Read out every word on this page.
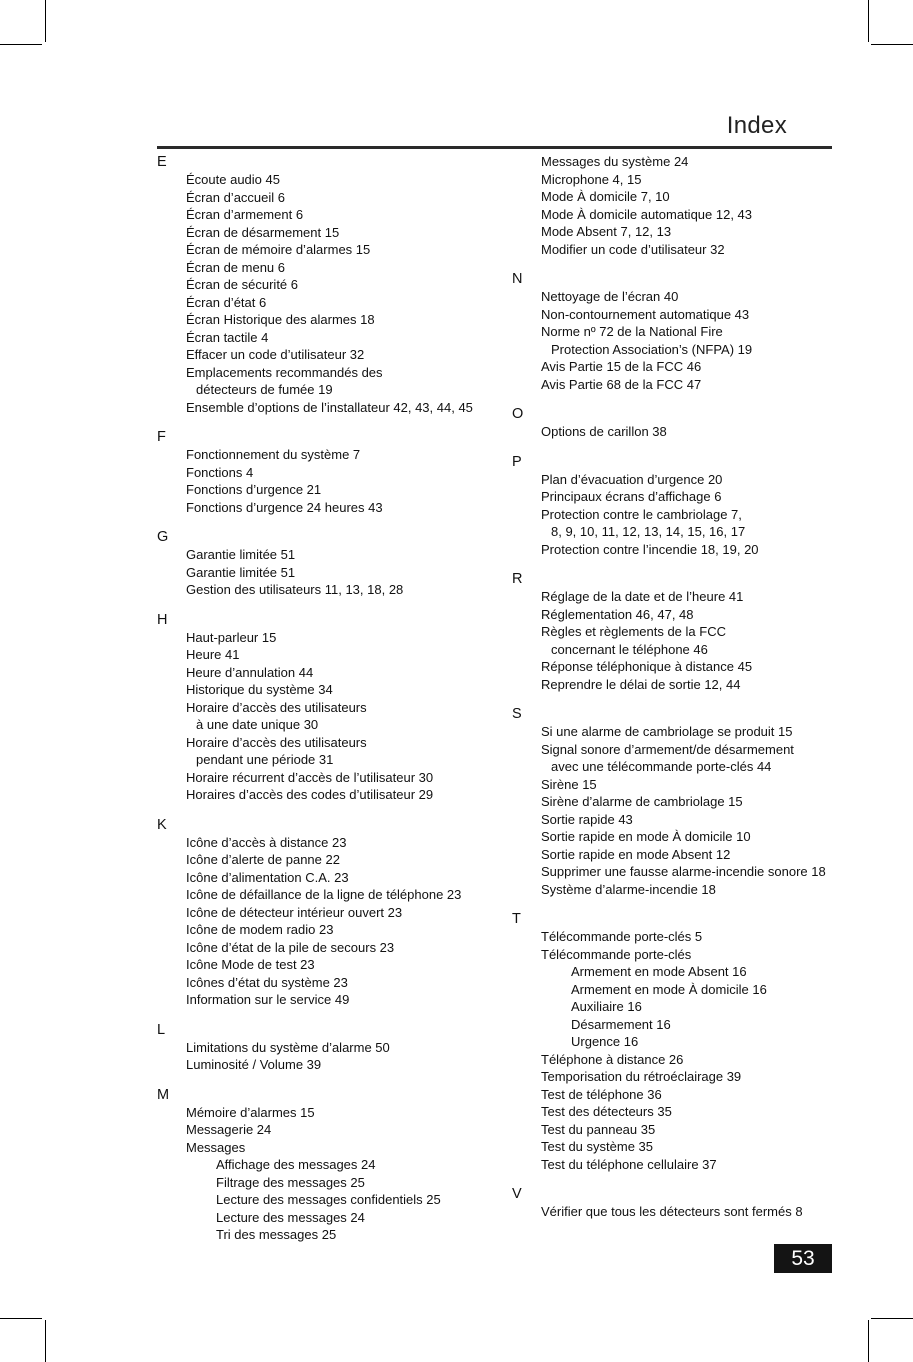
Index
E
Écoute audio 45
Écran d’accueil 6
Écran d’armement 6
Écran de désarmement 15
Écran de mémoire d’alarmes 15
Écran de menu 6
Écran de sécurité 6
Écran d’état 6
Écran Historique des alarmes 18
Écran tactile 4
Effacer un code d’utilisateur 32
Emplacements recommandés des
détecteurs de fumée 19
Ensemble d’options de l’installateur 42, 43, 44, 45
F
Fonctionnement du système 7
Fonctions 4
Fonctions d’urgence 21
Fonctions d’urgence 24 heures 43
G
Garantie limitée 51
Garantie limitée 51
Gestion des utilisateurs 11, 13, 18, 28
H
Haut-parleur 15
Heure 41
Heure d’annulation 44
Historique du système 34
Horaire d’accès des utilisateurs
à une date unique 30
Horaire d’accès des utilisateurs
pendant une période 31
Horaire récurrent d’accès de l’utilisateur 30
Horaires d’accès des codes d’utilisateur 29
K
Icône d’accès à distance 23
Icône d’alerte de panne 22
Icône d’alimentation C.A. 23
Icône de défaillance de la ligne de téléphone 23
Icône de détecteur intérieur ouvert 23
Icône de modem radio 23
Icône d’état de la pile de secours 23
Icône Mode de test 23
Icônes d’état du système 23
Information sur le service 49
L
Limitations du système d’alarme 50
Luminosité / Volume 39
M
Mémoire d’alarmes 15
Messagerie 24
Messages
Affichage des messages 24
Filtrage des messages 25
Lecture des messages confidentiels 25
Lecture des messages 24
Tri des messages 25
Messages du système 24
Microphone 4, 15
Mode À domicile 7, 10
Mode À domicile automatique 12, 43
Mode Absent 7, 12, 13
Modifier un code d’utilisateur 32
N
Nettoyage de l’écran 40
Non-contournement automatique 43
Norme nº 72 de la National Fire
Protection Association’s (NFPA) 19
Avis Partie 15 de la FCC 46
Avis Partie 68 de la FCC 47
O
Options de carillon 38
P
Plan d’évacuation d’urgence 20
Principaux écrans d’affichage 6
Protection contre le cambriolage 7,
8, 9, 10, 11, 12, 13, 14, 15, 16, 17
Protection contre l’incendie 18, 19, 20
R
Réglage de la date et de l’heure 41
Réglementation 46, 47, 48
Règles et règlements de la FCC
concernant le téléphone 46
Réponse téléphonique à distance 45
Reprendre le délai de sortie 12, 44
S
Si une alarme de cambriolage se produit 15
Signal sonore d’armement/de désarmement
avec une télécommande porte-clés 44
Sirène 15
Sirène d’alarme de cambriolage 15
Sortie rapide 43
Sortie rapide en mode À domicile 10
Sortie rapide en mode Absent 12
Supprimer une fausse alarme-incendie sonore 18
Système d’alarme-incendie 18
T
Télécommande porte-clés 5
Télécommande porte-clés
Armement en mode Absent 16
Armement en mode À domicile 16
Auxiliaire 16
Désarmement 16
Urgence 16
Téléphone à distance 26
Temporisation du rétroéclairage 39
Test de téléphone 36
Test des détecteurs 35
Test du panneau 35
Test du système 35
Test du téléphone cellulaire 37
V
Vérifier que tous les détecteurs sont fermés 8
53
